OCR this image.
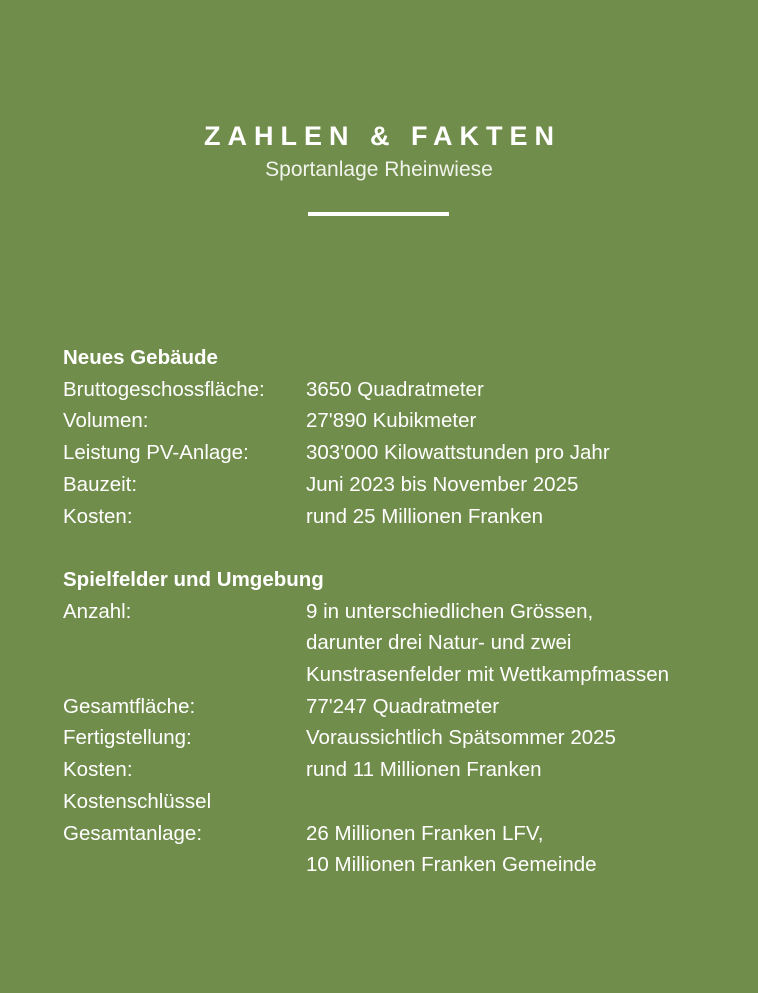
ZAHLEN & FAKTEN
Sportanlage Rheinwiese
Neues Gebäude
Bruttogeschossfläche:	3650 Quadratmeter
Volumen:	27'890 Kubikmeter
Leistung PV-Anlage:	303'000 Kilowattstunden pro Jahr
Bauzeit:	Juni 2023 bis November 2025
Kosten:	rund 25 Millionen Franken
Spielfelder und Umgebung
Anzahl:	9 in unterschiedlichen Grössen,
darunter drei Natur- und zwei
Kunstrasenfelder mit Wettkampfmassen
Gesamtfläche:	77'247 Quadratmeter
Fertigstellung:	Voraussichtlich Spätsommer 2025
Kosten:	rund 11 Millionen Franken
Kostenschlüssel
Gesamtanlage:	26 Millionen Franken LFV,
10 Millionen Franken Gemeinde
